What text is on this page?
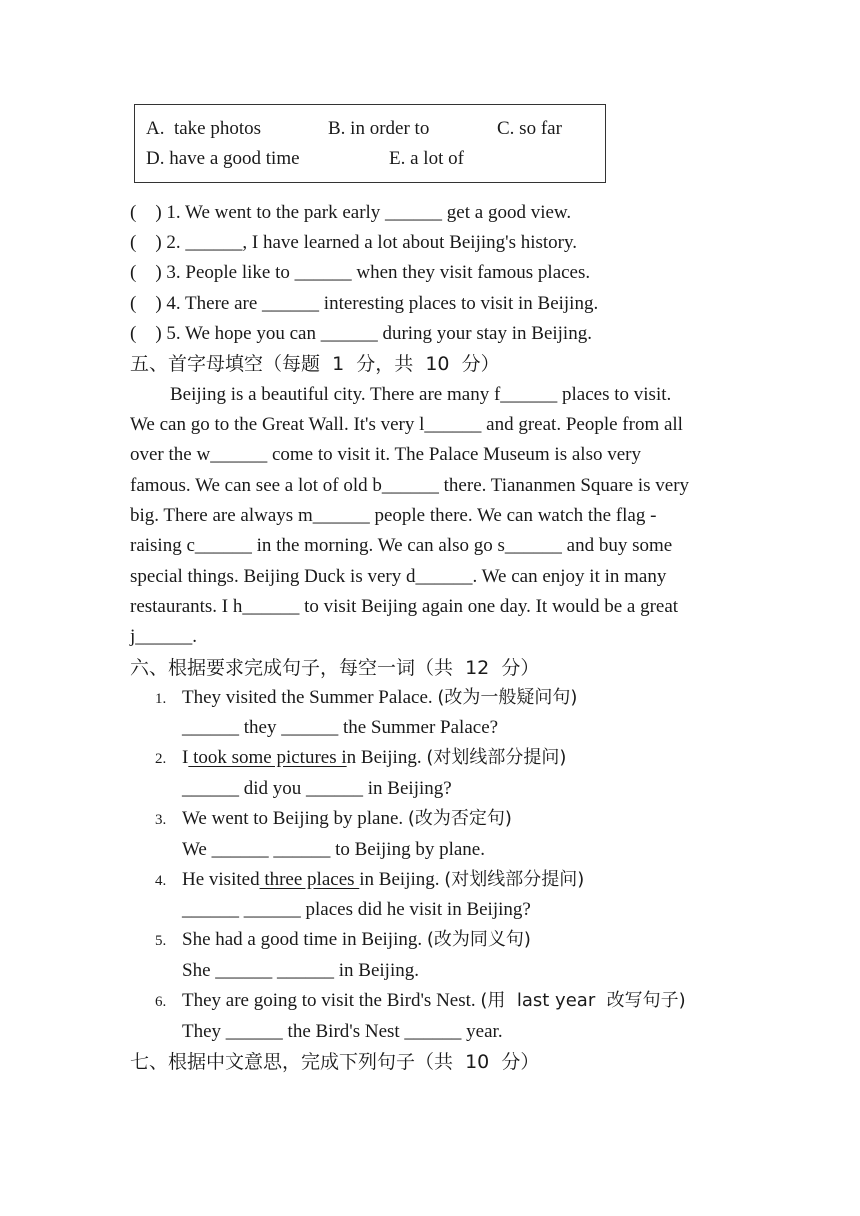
A.  take photos	B. in order to	C. so far
D. have a good time	E. a lot of
(    ) 1. We went to the park early ______ get a good view.
(    ) 2. ______, I have learned a lot about Beijing's history.
(    ) 3. People like to ______ when they visit famous places.
(    ) 4. There are ______ interesting places to visit in Beijing.
(    ) 5. We hope you can ______ during your stay in Beijing.
五、首字母填空（每题  1  分，共  10  分）
Beijing is a beautiful city. There are many f______ places to visit.
We can go to the Great Wall. It's very l______ and great. People from all
over the w______ come to visit it. The Palace Museum is also very
famous. We can see a lot of old b______ there. Tiananmen Square is very
big. There are always m______ people there. We can watch the flag -
raising c______ in the morning. We can also go s______ and buy some
special things. Beijing Duck is very d______. We can enjoy it in many
restaurants. I h______ to visit Beijing again one day. It would be a great
j______.
六、根据要求完成句子，每空一词（共  12  分）
1. They visited the Summer Palace. (改为一般疑问句)
______ they ______ the Summer Palace?
2. I took some pictures in Beijing. (对划线部分提问)
______ did you ______ in Beijing?
3. We went to Beijing by plane. (改为否定句)
We ______ ______ to Beijing by plane.
4. He visited three places in Beijing. (对划线部分提问)
______ ______ places did he visit in Beijing?
5. She had a good time in Beijing. (改为同义句)
She ______ ______ in Beijing.
6. They are going to visit the Bird's Nest. (用  last year  改写句子)
They ______ the Bird's Nest ______ year.
七、根据中文意思，完成下列句子（共  10  分）
